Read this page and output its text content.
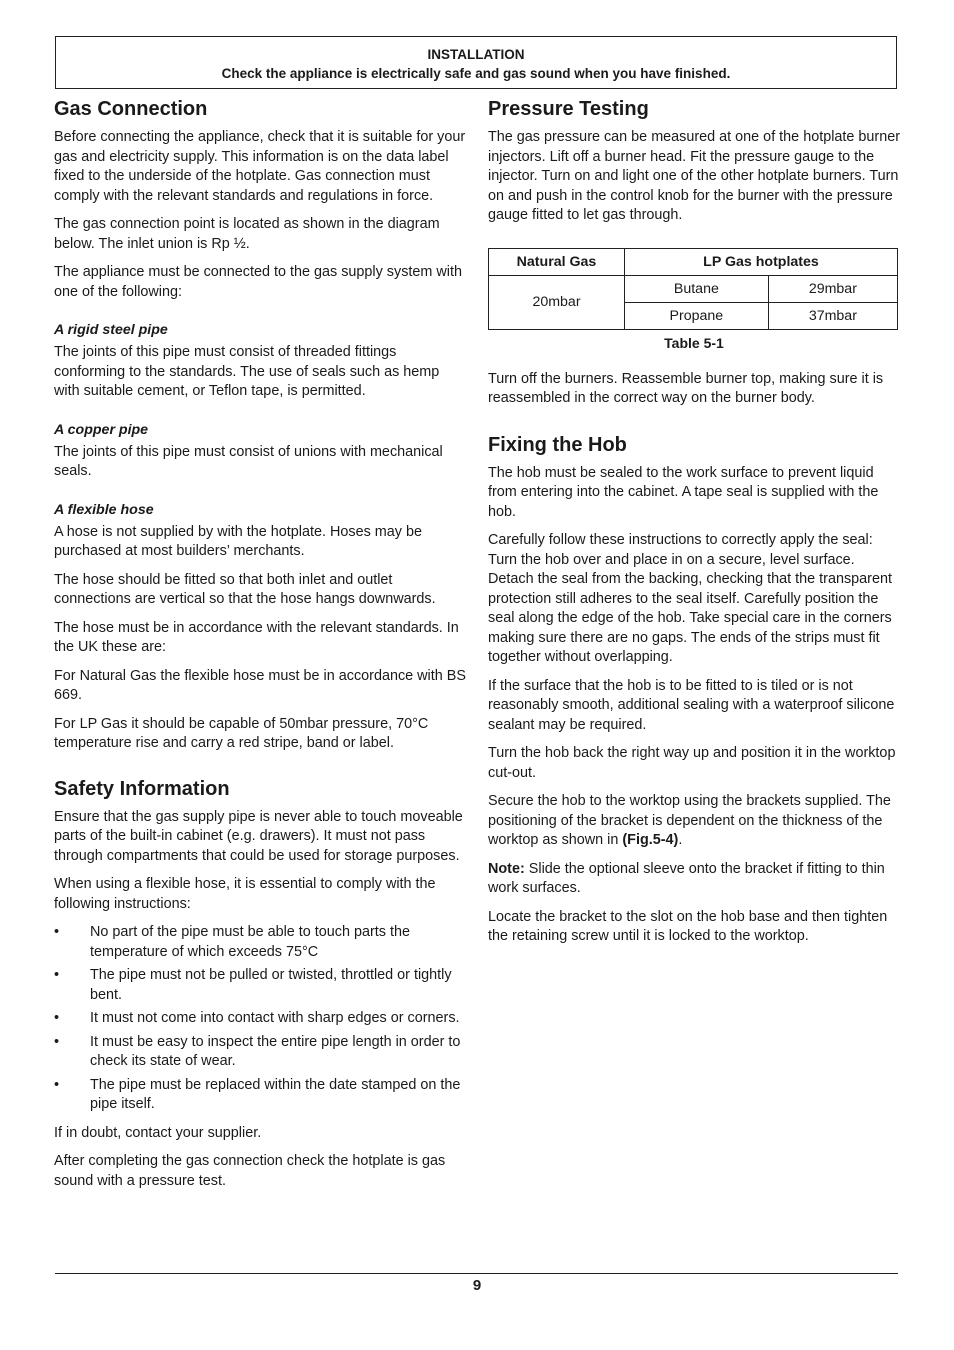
INSTALLATION
Check the appliance is electrically safe and gas sound when you have finished.
Gas Connection

Before connecting the appliance, check that it is suitable for your gas and electricity supply. This information is on the data label fixed to the underside of the hotplate. Gas connection must comply with the relevant standards and regulations in force.

The gas connection point is located as shown in the diagram below. The inlet union is Rp ½.

The appliance must be connected to the gas supply system with one of the following:

A rigid steel pipe

The joints of this pipe must consist of threaded fittings conforming to the standards. The use of seals such as hemp with suitable cement, or Teflon tape, is permitted.

A copper pipe

The joints of this pipe must consist of unions with mechanical seals.

A flexible hose

A hose is not supplied by with the hotplate. Hoses may be purchased at most builders’ merchants.

The hose should be fitted so that both inlet and outlet connections are vertical so that the hose hangs downwards.

The hose must be in accordance with the relevant standards. In the UK these are:

For Natural Gas the flexible hose must be in accordance with BS 669.

For LP Gas it should be capable of 50mbar pressure, 70°C temperature rise and carry a red stripe, band or label.

Safety Information

Ensure that the gas supply pipe is never able to touch moveable parts of the built-in cabinet (e.g. drawers). It must not pass through compartments that could be used for storage purposes.

When using a flexible hose, it is essential to comply with the following instructions:

•	No part of the pipe must be able to touch parts the temperature of which exceeds 75°C
•	The pipe must not be pulled or twisted, throttled or tightly bent.
•	It must not come into contact with sharp edges or corners.
•	It must be easy to inspect the entire pipe length in order to check its state of wear.
•	The pipe must be replaced within the date stamped on the pipe itself.

If in doubt, contact your supplier.

After completing the gas connection check the hotplate is gas sound with a pressure test.

Pressure Testing

The gas pressure can be measured at one of the hotplate burner injectors. Lift off a burner head. Fit the pressure gauge to the injector. Turn on and light one of the other hotplate burners. Turn on and push in the control knob for the burner with the pressure gauge fitted to let gas through.

Natural Gas	LP Gas hotplates	
20mbar	Butane	29mbar
	Propane	37mbar
Table 5-1

Turn off the burners. Reassemble burner top, making sure it is reassembled in the correct way on the burner body.

Fixing the Hob

The hob must be sealed to the work surface to prevent liquid from entering into the cabinet. A tape seal is supplied with the hob.

Carefully follow these instructions to correctly apply the seal: Turn the hob over and place in on a secure, level surface. Detach the seal from the backing, checking that the transparent protection still adheres to the seal itself. Carefully position the seal along the edge of the hob. Take special care in the corners making sure there are no gaps. The ends of the strips must fit together without overlapping.

If the surface that the hob is to be fitted to is tiled or is not reasonably smooth, additional sealing with a waterproof silicone sealant may be required.

Turn the hob back the right way up and position it in the worktop cut-out.

Secure the hob to the worktop using the brackets supplied. The positioning of the bracket is dependent on the thickness of the worktop as shown in (Fig.5-4).

Note: Slide the optional sleeve onto the bracket if fitting to thin work surfaces.

Locate the bracket to the slot on the hob base and then tighten the retaining screw until it is locked to the worktop.

9
